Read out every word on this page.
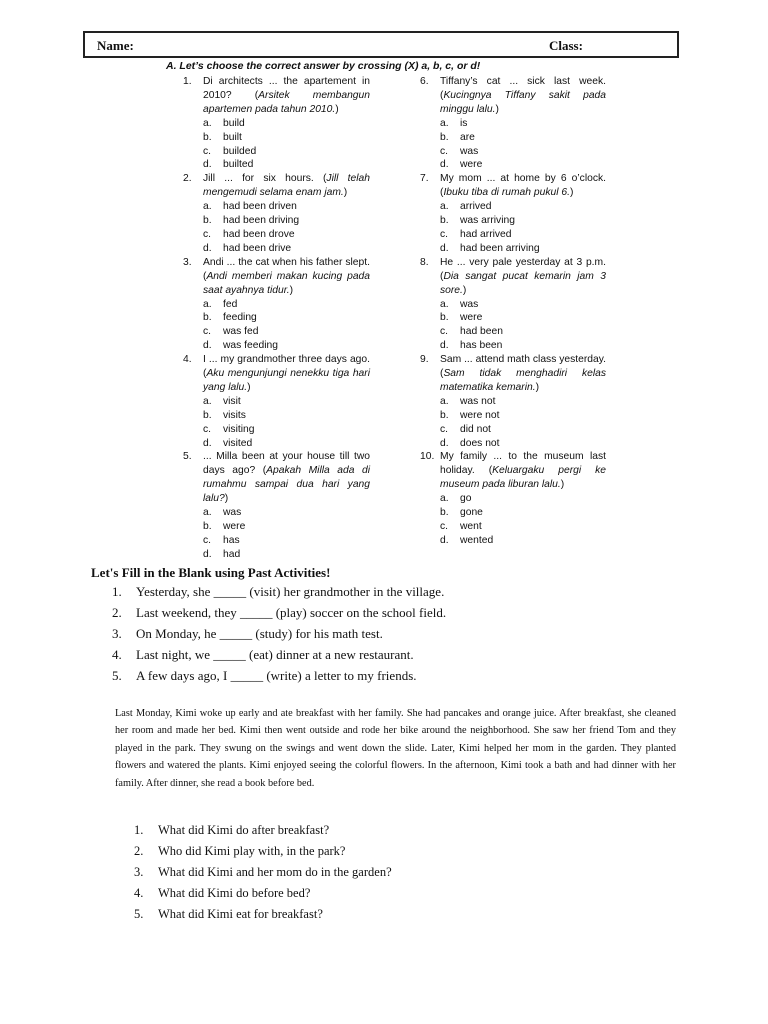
Name:	Class:
A. Let’s choose the correct answer by crossing (X) a, b, c, or d!
1.	Di architects ... the apartement in 2010? (Arsitek membangun apartemen pada tahun 2010.)
a. build
b. built
c. builded
d. builted
2.	Jill ... for six hours. (Jill telah mengemudi selama enam jam.)
a. had been driven
b. had been driving
c. had been drove
d. had been drive
3.	Andi ... the cat when his father slept. (Andi memberi makan kucing pada saat ayahnya tidur.)
a. fed
b. feeding
c. was fed
d. was feeding
4.	I ... my grandmother three days ago. (Aku mengunjungi nenekku tiga hari yang lalu.)
a. visit
b. visits
c. visiting
d. visited
5.	... Milla been at your house till two days ago? (Apakah Milla ada di rumahmu sampai dua hari yang lalu?)
a. was
b. were
c. has
d. had
6.	Tiffany’s cat ... sick last week. (Kucingnya Tiffany sakit pada minggu lalu.)
a. is
b. are
c. was
d. were
7.	My mom ... at home by 6 o’clock. (Ibuku tiba di rumah pukul 6.)
a. arrived
b. was arriving
c. had arrived
d. had been arriving
8.	He ... very pale yesterday at 3 p.m. (Dia sangat pucat kemarin jam 3 sore.)
a. was
b. were
c. had been
d. has been
9.	Sam ... attend math class yesterday. (Sam tidak menghadiri kelas matematika kemarin.)
a. was not
b. were not
c. did not
d. does not
10. My family ... to the museum last holiday. (Keluargaku pergi ke museum pada liburan lalu.)
a. go
b. gone
c. went
d. wented
Let's Fill in the Blank using Past Activities!
1. Yesterday, she _____ (visit) her grandmother in the village.
2. Last weekend, they _____ (play) soccer on the school field.
3. On Monday, he _____ (study) for his math test.
4. Last night, we _____ (eat) dinner at a new restaurant.
5. A few days ago, I _____ (write) a letter to my friends.
Last Monday, Kimi woke up early and ate breakfast with her family. She had pancakes and orange juice. After breakfast, she cleaned her room and made her bed. Kimi then went outside and rode her bike around the neighborhood. She saw her friend Tom and they played in the park. They swung on the swings and went down the slide. Later, Kimi helped her mom in the garden. They planted flowers and watered the plants. Kimi enjoyed seeing the colorful flowers. In the afternoon, Kimi took a bath and had dinner with her family. After dinner, she read a book before bed.
1. What did Kimi do after breakfast?
2. Who did Kimi play with, in the park?
3. What did Kimi and her mom do in the garden?
4. What did Kimi do before bed?
5. What did Kimi eat for breakfast?
